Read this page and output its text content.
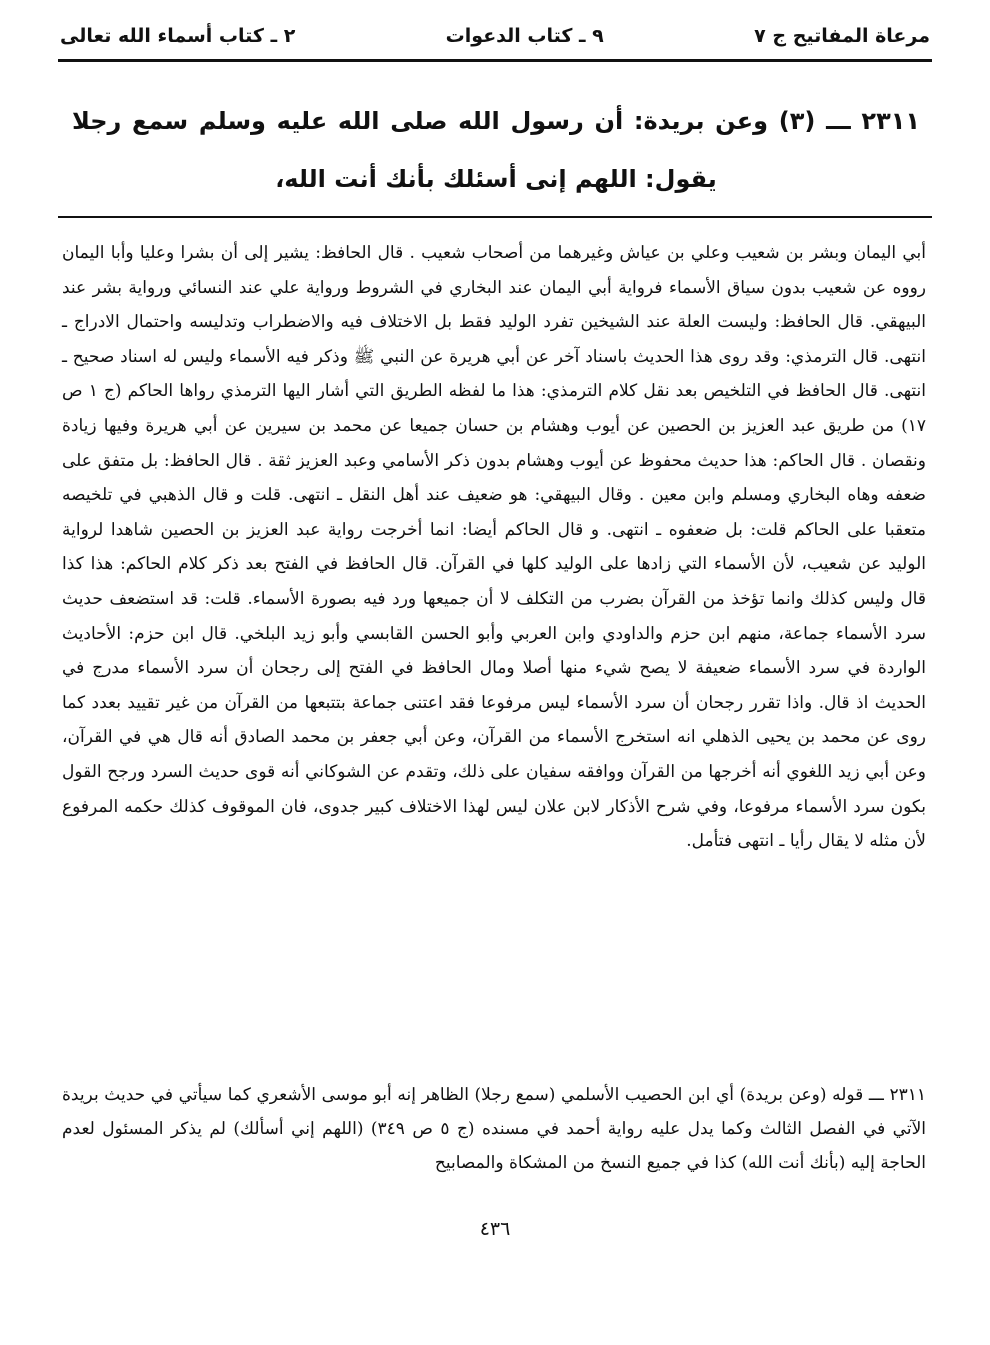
مرعاة المفاتيح ج ٧
٩ ـ كتاب الدعوات
٢ ـ كتاب أسماء الله تعالى
٢٣١١ ـــ (٣) وعن بريدة: أن رسول الله صلى الله عليه وسلم سمع رجلا يقول: اللهم إنى أسئلك بأنك أنت الله،

أبي اليمان وبشر بن شعيب وعلي بن عياش وغيرهما من أصحاب شعيب . قال الحافظ: يشير إلى أن بشرا وعليا وأبا اليمان رووه عن شعيب بدون سياق الأسماء فرواية أبي اليمان عند البخاري في الشروط ورواية علي عند النسائي ورواية بشر عند البيهقي. قال الحافظ: وليست العلة عند الشيخين تفرد الوليد فقط بل الاختلاف فيه والاضطراب وتدليسه واحتمال الادراج ـ انتهى. قال الترمذي: وقد روى هذا الحديث باسناد آخر عن أبي هريرة عن النبي ﷺ وذكر فيه الأسماء وليس له اسناد صحيح ـ انتهى. قال الحافظ في التلخيص بعد نقل كلام الترمذي: هذا ما لفظه الطريق التي أشار اليها الترمذي رواها الحاكم (ج ١ ص ١٧) من طريق عبد العزيز بن الحصين عن أيوب وهشام بن حسان جميعا عن محمد بن سيرين عن أبي هريرة وفيها زيادة ونقصان . قال الحاكم: هذا حديث محفوظ عن أيوب وهشام بدون ذكر الأسامي وعبد العزيز ثقة . قال الحافظ: بل متفق على ضعفه وهاه البخاري ومسلم وابن معين . وقال البيهقي: هو ضعيف عند أهل النقل ـ انتهى. قلت و قال الذهبي في تلخيصه متعقبا على الحاكم قلت: بل ضعفوه ـ انتهى. و قال الحاكم أيضا: انما أخرجت رواية عبد العزيز بن الحصين شاهدا لرواية الوليد عن شعيب، لأن الأسماء التي زادها على الوليد كلها في القرآن. قال الحافظ في الفتح بعد ذكر كلام الحاكم: هذا كذا قال وليس كذلك وانما تؤخذ من القرآن بضرب من التكلف لا أن جميعها ورد فيه بصورة الأسماء. قلت: قد استضعف حديث سرد الأسماء جماعة، منهم ابن حزم والداودي وابن العربي وأبو الحسن القابسي وأبو زيد البلخي. قال ابن حزم: الأحاديث الواردة في سرد الأسماء ضعيفة لا يصح شيء منها أصلا ومال الحافظ في الفتح إلى رجحان أن سرد الأسماء مدرج في الحديث اذ قال. واذا تقرر رجحان أن سرد الأسماء ليس مرفوعا فقد اعتنى جماعة بتتبعها من القرآن من غير تقييد بعدد كما روى عن محمد بن يحيى الذهلي انه استخرج الأسماء من القرآن، وعن أبي جعفر بن محمد الصادق أنه قال هي في القرآن، وعن أبي زيد اللغوي أنه أخرجها من القرآن ووافقه سفيان على ذلك، وتقدم عن الشوكاني أنه قوى حديث السرد ورجح القول بكون سرد الأسماء مرفوعا، وفي شرح الأذكار لابن علان ليس لهذا الاختلاف كبير جدوى، فان الموقوف كذلك حكمه المرفوع لأن مثله لا يقال رأيا ـ انتهى فتأمل.

٢٣١١ ـــ قوله (وعن بريدة) أي ابن الحصيب الأسلمي (سمع رجلا) الظاهر إنه أبو موسى الأشعري كما سيأتي في حديث بريدة الآتي في الفصل الثالث وكما يدل عليه رواية أحمد في مسنده (ج ٥ ص ٣٤٩) (اللهم إني أسألك) لم يذكر المسئول لعدم الحاجة إليه (بأنك أنت الله) كذا في جميع النسخ من المشكاة والمصابيح

٤٣٦
